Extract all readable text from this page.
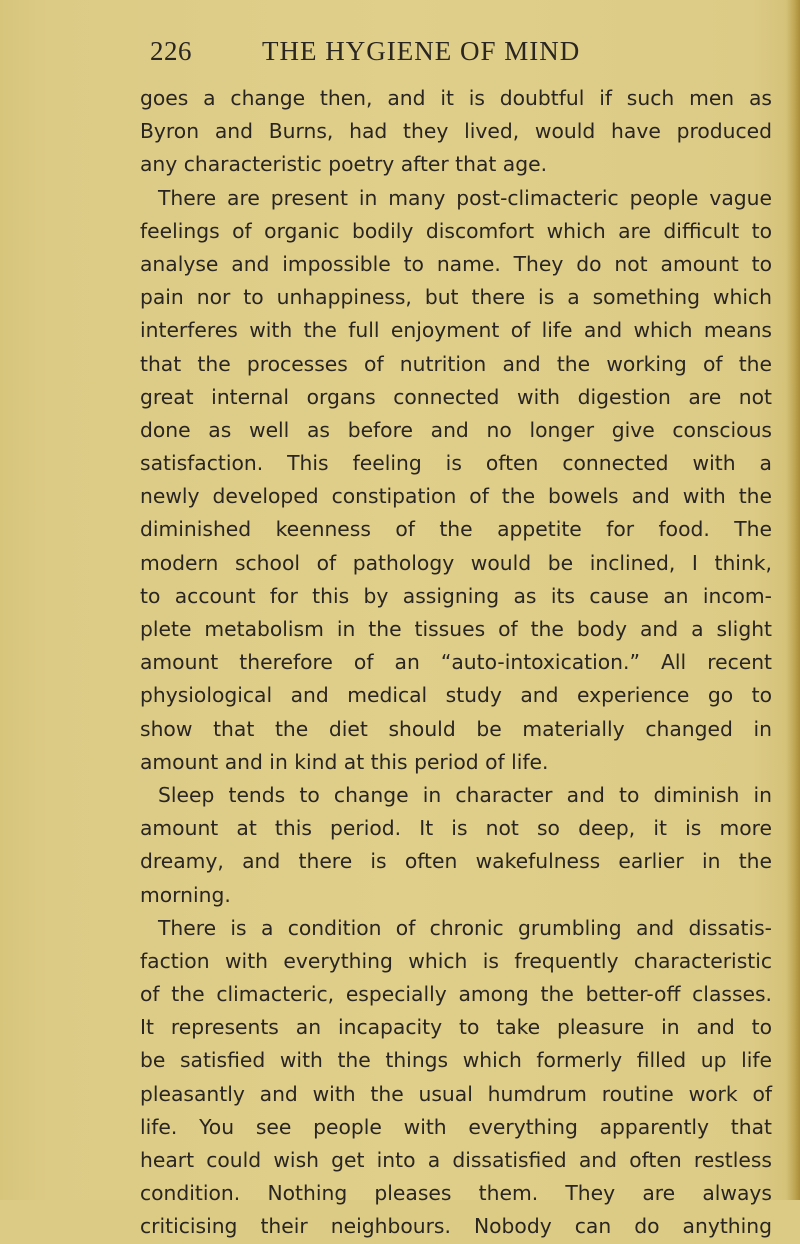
226	THE HYGIENE OF MIND
goes a change then, and it is doubtful if such men as
Byron and Burns, had they lived, would have produced
any characteristic poetry after that age.
There are present in many post-climacteric people vague
feelings of organic bodily discomfort which are difficult to
analyse and impossible to name. They do not amount to
pain nor to unhappiness, but there is a something which
interferes with the full enjoyment of life and which means
that the processes of nutrition and the working of the
great internal organs connected with digestion are not
done as well as before and no longer give conscious
satisfaction. This feeling is often connected with a
newly developed constipation of the bowels and with the
diminished keenness of the appetite for food. The
modern school of pathology would be inclined, I think,
to account for this by assigning as its cause an incom-
plete metabolism in the tissues of the body and a slight
amount therefore of an “auto-intoxication.” All recent
physiological and medical study and experience go to
show that the diet should be materially changed in
amount and in kind at this period of life.
Sleep tends to change in character and to diminish in
amount at this period. It is not so deep, it is more
dreamy, and there is often wakefulness earlier in the
morning.
There is a condition of chronic grumbling and dissatis-
faction with everything which is frequently characteristic
of the climacteric, especially among the better-off classes.
It represents an incapacity to take pleasure in and to
be satisfied with the things which formerly filled up life
pleasantly and with the usual humdrum routine work of
life. You see people with everything apparently that
heart could wish get into a dissatisfied and often restless
condition. Nothing pleases them. They are always
criticising their neighbours. Nobody can do anything
